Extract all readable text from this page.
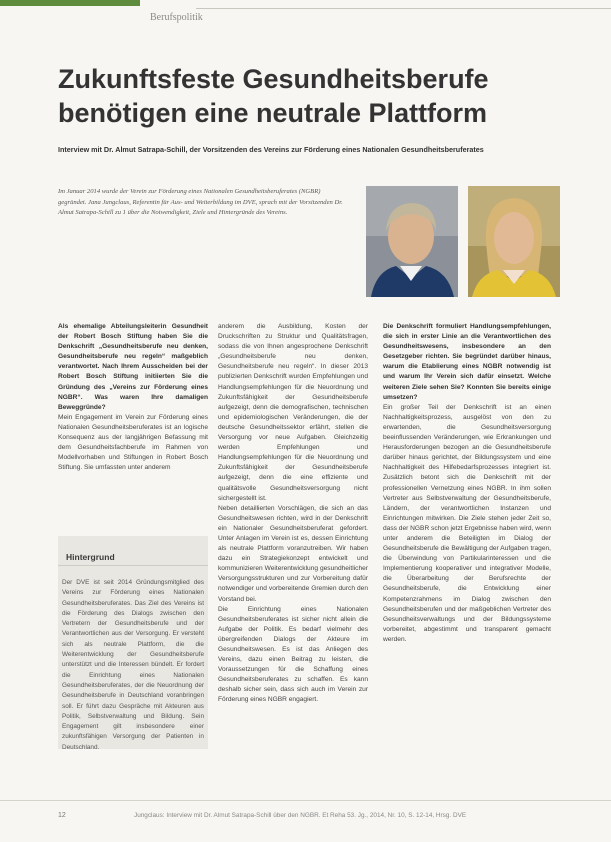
Berufspolitik
Zukunftsfeste Gesundheitsberufe benötigen eine neutrale Plattform
Interview mit Dr. Almut Satrapa-Schill, der Vorsitzenden des Vereins zur Förderung eines Nationalen Gesundheitsberuferates
Im Januar 2014 wurde der Verein zur Förderung eines Nationalen Gesundheitsberuferates (NGBR) gegründet. Jana Jungclaus, Referentin für Aus- und Weiterbildung im DVE, sprach mit der Vorsitzenden Dr. Almut Satrapa-Schill zu 1 über die Notwendigkeit, Ziele und Hintergründe des Vereins.

Als ehemalige Abteilungsleiterin Gesundheit der Robert Bosch Stiftung haben Sie die Denkschrift „Gesundheitsberufe neu denken, Gesundheitsberufe neu regeln“ maßgeblich verantwortet. Nach Ihrem Ausscheiden bei der Robert Bosch Stiftung initiierten Sie die Gründung des „Vereins zur Förderung eines NGBR“. Was waren Ihre damaligen Beweggründe?

Mein Engagement im Verein zur Förderung eines Nationalen Gesundheitsberuferates ist an logische Konsequenz aus der langjährigen Befassung mit dem Gesundheitsfachberufe im Rahmen von Modellvorhaben und Stiftungen in Robert Bosch Stiftung. Sie umfassten unter anderem

anderem die Ausbildung, Kosten der Druckschriften zu Struktur und Qualitätsfragen, sodass die von Ihnen angesprochene Denkschrift „Gesundheitsberufe neu denken, Gesundheitsberufe neu regeln“. In dieser 2013 publizierten Denkschrift wurden Empfehlungen und Handlungsempfehlungen für die Neuordnung und Zukunftsfähigkeit der Gesundheitsberufe aufgezeigt, denn die demografischen, technischen und epidemiologischen Veränderungen, die der deutsche Gesundheitssektor erfährt, stellen die Versorgung vor neue Aufgaben. Gleichzeitig werden Empfehlungen und Handlungsempfehlungen für die Neuordnung und Zukunftsfähigkeit der Gesundheitsberufe aufgezeigt, denn die eine effiziente und qualitätsvolle Gesundheitsversorgung nicht sichergestellt ist.

Neben detaillierten Vorschlägen, die sich an das Gesundheitswesen richten, wird in der Denkschrift ein Nationaler Gesundheitsberuferat gefordert. Unter Anlagen im Verein ist es, dessen Einrichtung als neutrale Plattform voranzutreiben. Wir haben dazu ein Strategiekonzept entwickelt und kommunizieren Weiterentwicklung gesundheitlicher Versorgungsstrukturen und zur Vorbereitung dafür notwendiger und vorbereitende Gremien durch den Vorstand bei.

Die Einrichtung eines Nationalen Gesundheitsberuferates ist sicher nicht allein die Aufgabe der Politik. Es bedarf vielmehr des übergreifenden Dialogs der Akteure im Gesundheitswesen. Es ist das Anliegen des Vereins, dazu einen Beitrag zu leisten, die Voraussetzungen für die Schaffung eines Gesundheitsberuferates zu schaffen. Es kann deshalb sicher sein, dass sich auch im Verein zur Förderung eines NGBR engagiert.

Die Denkschrift formuliert Handlungsempfehlungen, die sich in erster Linie an die Verantwortlichen des Gesundheitswesens, insbesondere an den Gesetzgeber richten. Sie begründet darüber hinaus, warum die Etablierung eines NGBR notwendig ist und warum Ihr Verein sich dafür einsetzt. Welche weiteren Ziele sehen Sie? Konnten Sie bereits einige umsetzen?

Ein großer Teil der Denkschrift ist an einen Nachhaltigkeitsprozess, ausgelöst von den zu erwartenden, die Gesundheitsversorgung beeinflussenden Veränderungen, wie Erkrankungen und Herausforderungen bezogen an die Gesundheitsberufe darüber hinaus gerichtet, der Bildungssystem und eine Nachhaltigkeit des Hilfebedarfsprozesses integriert ist. Zusätzlich betont sich die Denkschrift mit der professionellen Vernetzung eines NGBR. In ihm sollen Vertreter aus Selbstverwaltung der Gesundheitsberufe, Ländern, der verantwortlichen Instanzen und Einrichtungen mitwirken. Die Ziele stehen jeder Zeit so, dass der NGBR schon jetzt Ergebnisse haben wird, wenn unter anderem die Beteiligten im Dialog der Gesundheitsberufe die Bewältigung der Aufgaben tragen, die Überwindung von Partikularinteressen und die Implementierung kooperativer und integrativer Modelle, die Überarbeitung der Berufsrechte der Gesundheitsberufe, die Entwicklung einer Kompetenzrahmens im Dialog zwischen den Gesundheitsberufen und der maßgeblichen Vertreter des Gesundheitsverwaltungs und der Bildungssysteme vorbereitet, abgestimmt und transparent gemacht werden.

Hintergrund
Der DVE ist seit 2014 Gründungsmitglied des Vereins zur Förderung eines Nationalen Gesundheitsberuferates. Das Ziel des Vereins ist die Förderung des Dialogs zwischen den Vertretern der Gesundheitsberufe und der Verantwortlichen aus der Versorgung. Er versteht sich als neutrale Plattform, die die Weiterentwicklung der Gesundheitsberufe unterstützt und die Interessen bündelt. Er fordert die Einrichtung eines Nationalen Gesundheitsberuferates, der die Neuordnung der Gesundheitsberufe in Deutschland voranbringen soll. Er führt dazu Gespräche mit Akteuren aus Politik, Selbstverwaltung und Bildung. Sein Engagement gilt insbesondere einer zukunftsfähigen Versorgung der Patienten in Deutschland.
12	Jungclaus: Interview mit Dr. Almut Satrapa-Schill über den NGBR. Et Reha 53. Jg., 2014, Nr. 10, S. 12-14, Hrsg. DVE
